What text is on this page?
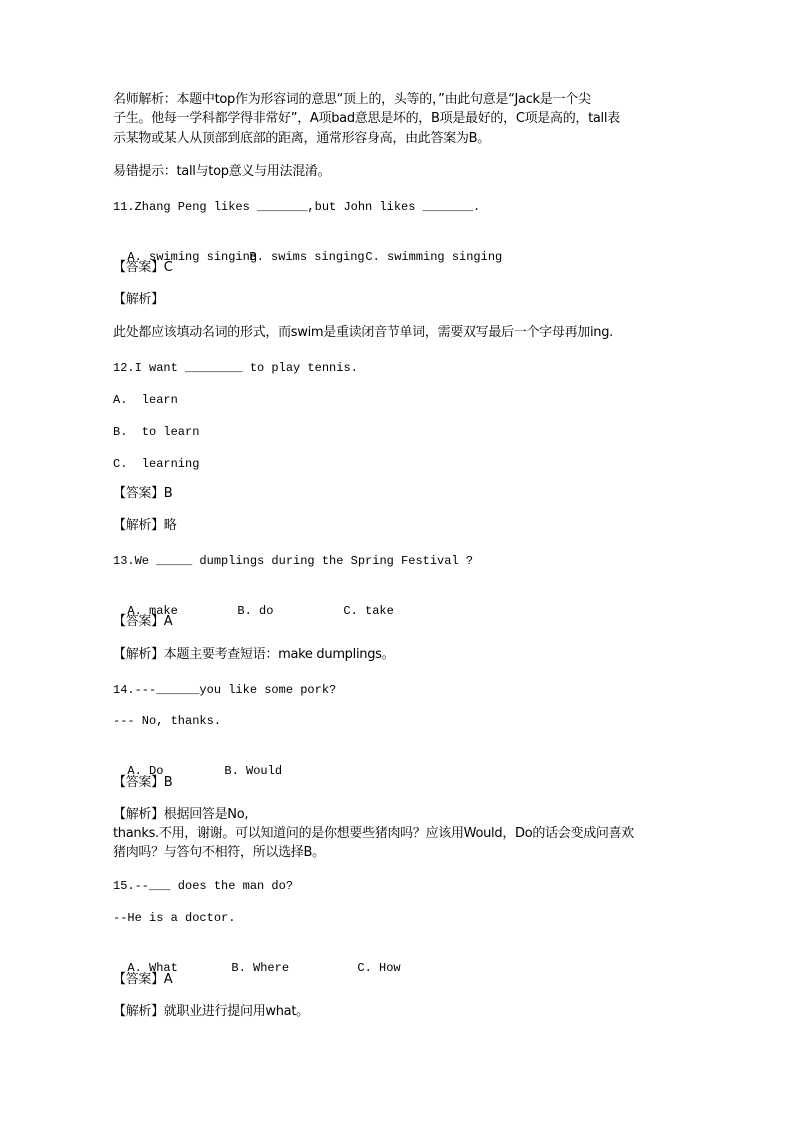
名师解析：本题中top作为形容词的意思“顶上的，头等的，”由此句意是“Jack是一个尖
子生。他每一学科都学得非常好”，A项bad意思是坏的，B项是最好的，C项是高的，tall表
示某物或某人从顶部到底部的距离，通常形容身高，由此答案为B。
易错提示：tall与top意义与用法混淆。
11.Zhang Peng likes _______,but John likes _______.

A. swiming singingB. swims singingC. swimming singing

【答案】C
【解析】
此处都应该填动名词的形式，而swim是重读闭音节单词，需要双写最后一个字母再加ing.
12.I want ________ to play tennis.
A.  learn
B.  to learn
C.  learning
【答案】B
【解析】略
13.We _____ dumplings during the Spring Festival ?

A. make	B. do	C. take

【答案】A
【解析】本题主要考查短语：make dumplings。
14.---______you like some pork?
--- No, thanks.

A. Do	B. Would

【答案】B
【解析】根据回答是No,
thanks.不用，谢谢。可以知道问的是你想要些猪肉吗？应该用Would，Do的话会变成问喜欢
猪肉吗？与答句不相符，所以选择B。
15.--___ does the man do?
--He is a doctor.

A. What	B. Where	C. How

【答案】A
【解析】就职业进行提问用what。
